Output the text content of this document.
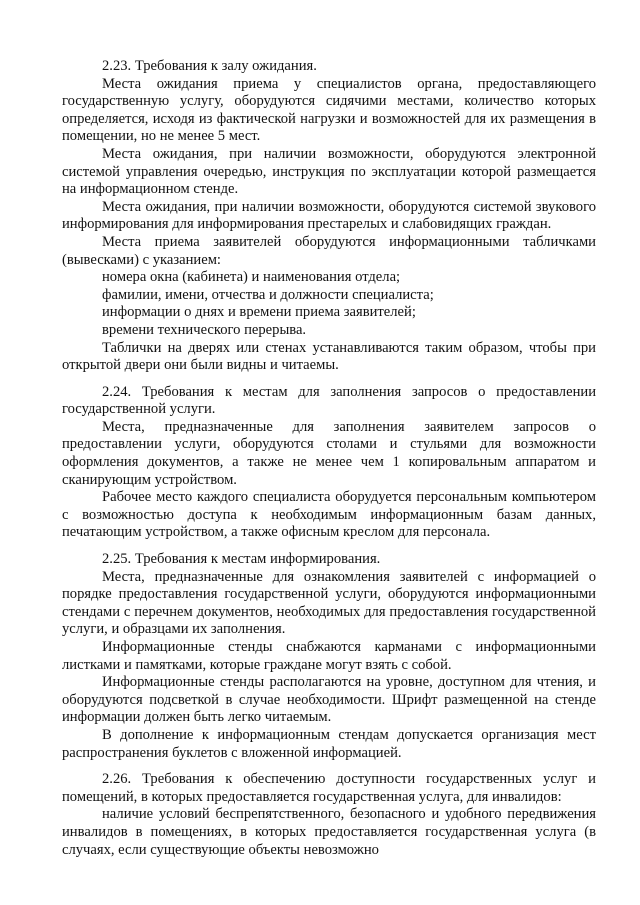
2.23. Требования к залу ожидания.

Места ожидания приема у специалистов органа, предоставляющего государственную услугу, оборудуются сидячими местами, количество которых определяется, исходя из фактической нагрузки и возможностей для их размещения в помещении, но не менее 5 мест.

Места ожидания, при наличии возможности, оборудуются электронной системой управления очередью, инструкция по эксплуатации которой размещается на информационном стенде.

Места ожидания, при наличии возможности, оборудуются системой звукового информирования для информирования престарелых и слабовидящих граждан.

Места приема заявителей оборудуются информационными табличками (вывесками) с указанием:

номера окна (кабинета) и наименования отдела;

фамилии, имени, отчества и должности специалиста;

информации о днях и времени приема заявителей;

времени технического перерыва.

Таблички на дверях или стенах устанавливаются таким образом, чтобы при открытой двери они были видны и читаемы.

2.24. Требования к местам для заполнения запросов о предоставлении государственной услуги.

Места, предназначенные для заполнения заявителем запросов о предоставлении услуги, оборудуются столами и стульями для возможности оформления документов, а также не менее чем 1 копировальным аппаратом и сканирующим устройством.

Рабочее место каждого специалиста оборудуется персональным компьютером с возможностью доступа к необходимым информационным базам данных, печатающим устройством, а также офисным креслом для персонала.

2.25. Требования к местам информирования.

Места, предназначенные для ознакомления заявителей с информацией о порядке предоставления государственной услуги, оборудуются информационными стендами с перечнем документов, необходимых для предоставления государственной услуги, и образцами их заполнения.

Информационные стенды снабжаются карманами с информационными листками и памятками, которые граждане могут взять с собой.

Информационные стенды располагаются на уровне, доступном для чтения, и оборудуются подсветкой в случае необходимости. Шрифт размещенной на стенде информации должен быть легко читаемым.

В дополнение к информационным стендам допускается организация мест распространения буклетов с вложенной информацией.

2.26. Требования к обеспечению доступности государственных услуг и помещений, в которых предоставляется государственная услуга, для инвалидов:

наличие условий беспрепятственного, безопасного и удобного передвижения инвалидов в помещениях, в которых предоставляется государственная услуга (в случаях, если существующие объекты невозможно
